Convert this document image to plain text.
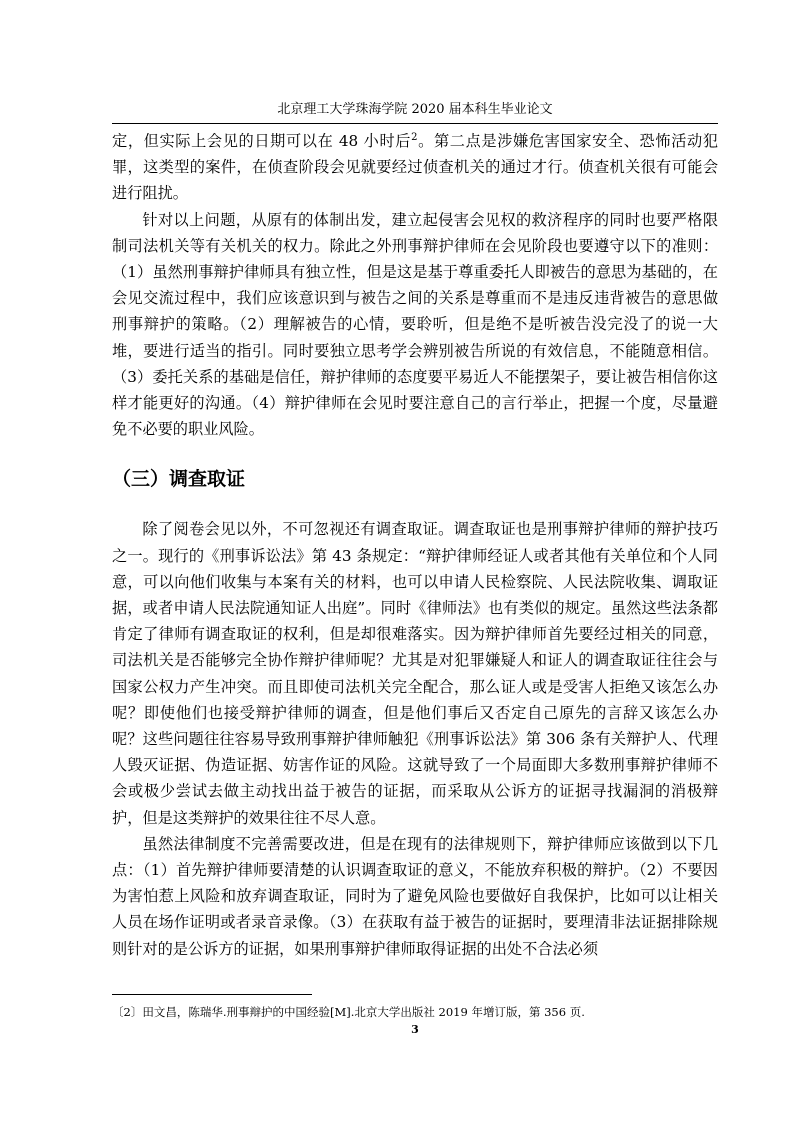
北京理工大学珠海学院 2020 届本科生毕业论文

定，但实际上会见的日期可以在 48 小时后$^2$。第二点是涉嫌危害国家安全、恐怖活动犯罪，这类型的案件，在侦查阶段会见就要经过侦查机关的通过才行。侦查机关很有可能会进行阻扰。

针对以上问题，从原有的体制出发，建立起侵害会见权的救济程序的同时也要严格限制司法机关等有关机关的权力。除此之外刑事辩护律师在会见阶段也要遵守以下的准则：（1）虽然刑事辩护律师具有独立性，但是这是基于尊重委托人即被告的意思为基础的，在会见交流过程中，我们应该意识到与被告之间的关系是尊重而不是违反违背被告的意思做刑事辩护的策略。（2）理解被告的心情，要聆听，但是绝不是听被告没完没了的说一大堆，要进行适当的指引。同时要独立思考学会辨别被告所说的有效信息，不能随意相信。（3）委托关系的基础是信任，辩护律师的态度要平易近人不能摆架子，要让被告相信你这样才能更好的沟通。（4）辩护律师在会见时要注意自己的言行举止，把握一个度，尽量避免不必要的职业风险。

（三）调查取证

除了阅卷会见以外，不可忽视还有调查取证。调查取证也是刑事辩护律师的辩护技巧之一。现行的《刑事诉讼法》第 43 条规定：“辩护律师经证人或者其他有关单位和个人同意，可以向他们收集与本案有关的材料，也可以申请人民检察院、人民法院收集、调取证据，或者申请人民法院通知证人出庭”。同时《律师法》也有类似的规定。虽然这些法条都肯定了律师有调查取证的权利，但是却很难落实。因为辩护律师首先要经过相关的同意，司法机关是否能够完全协作辩护律师呢？尤其是对犯罪嫌疑人和证人的调查取证往往会与国家公权力产生冲突。而且即使司法机关完全配合，那么证人或是受害人拒绝又该怎么办呢？即使他们也接受辩护律师的调查，但是他们事后又否定自己原先的言辞又该怎么办呢？这些问题往往容易导致刑事辩护律师触犯《刑事诉讼法》第 306 条有关辩护人、代理人毁灭证据、伪造证据、妨害作证的风险。这就导致了一个局面即大多数刑事辩护律师不会或极少尝试去做主动找出益于被告的证据，而采取从公诉方的证据寻找漏洞的消极辩护，但是这类辩护的效果往往不尽人意。

虽然法律制度不完善需要改进，但是在现有的法律规则下，辩护律师应该做到以下几点：（1）首先辩护律师要清楚的认识调查取证的意义，不能放弃积极的辩护。（2）不要因为害怕惹上风险和放弃调查取证，同时为了避免风险也要做好自我保护，比如可以让相关人员在场作证明或者录音录像。（3）在获取有益于被告的证据时，要理清非法证据排除规则针对的是公诉方的证据，如果刑事辩护律师取得证据的出处不合法必须

〔2〕田文昌，陈瑞华.刑事辩护的中国经验[M].北京大学出版社 2019 年增订版，第 356 页.
3
